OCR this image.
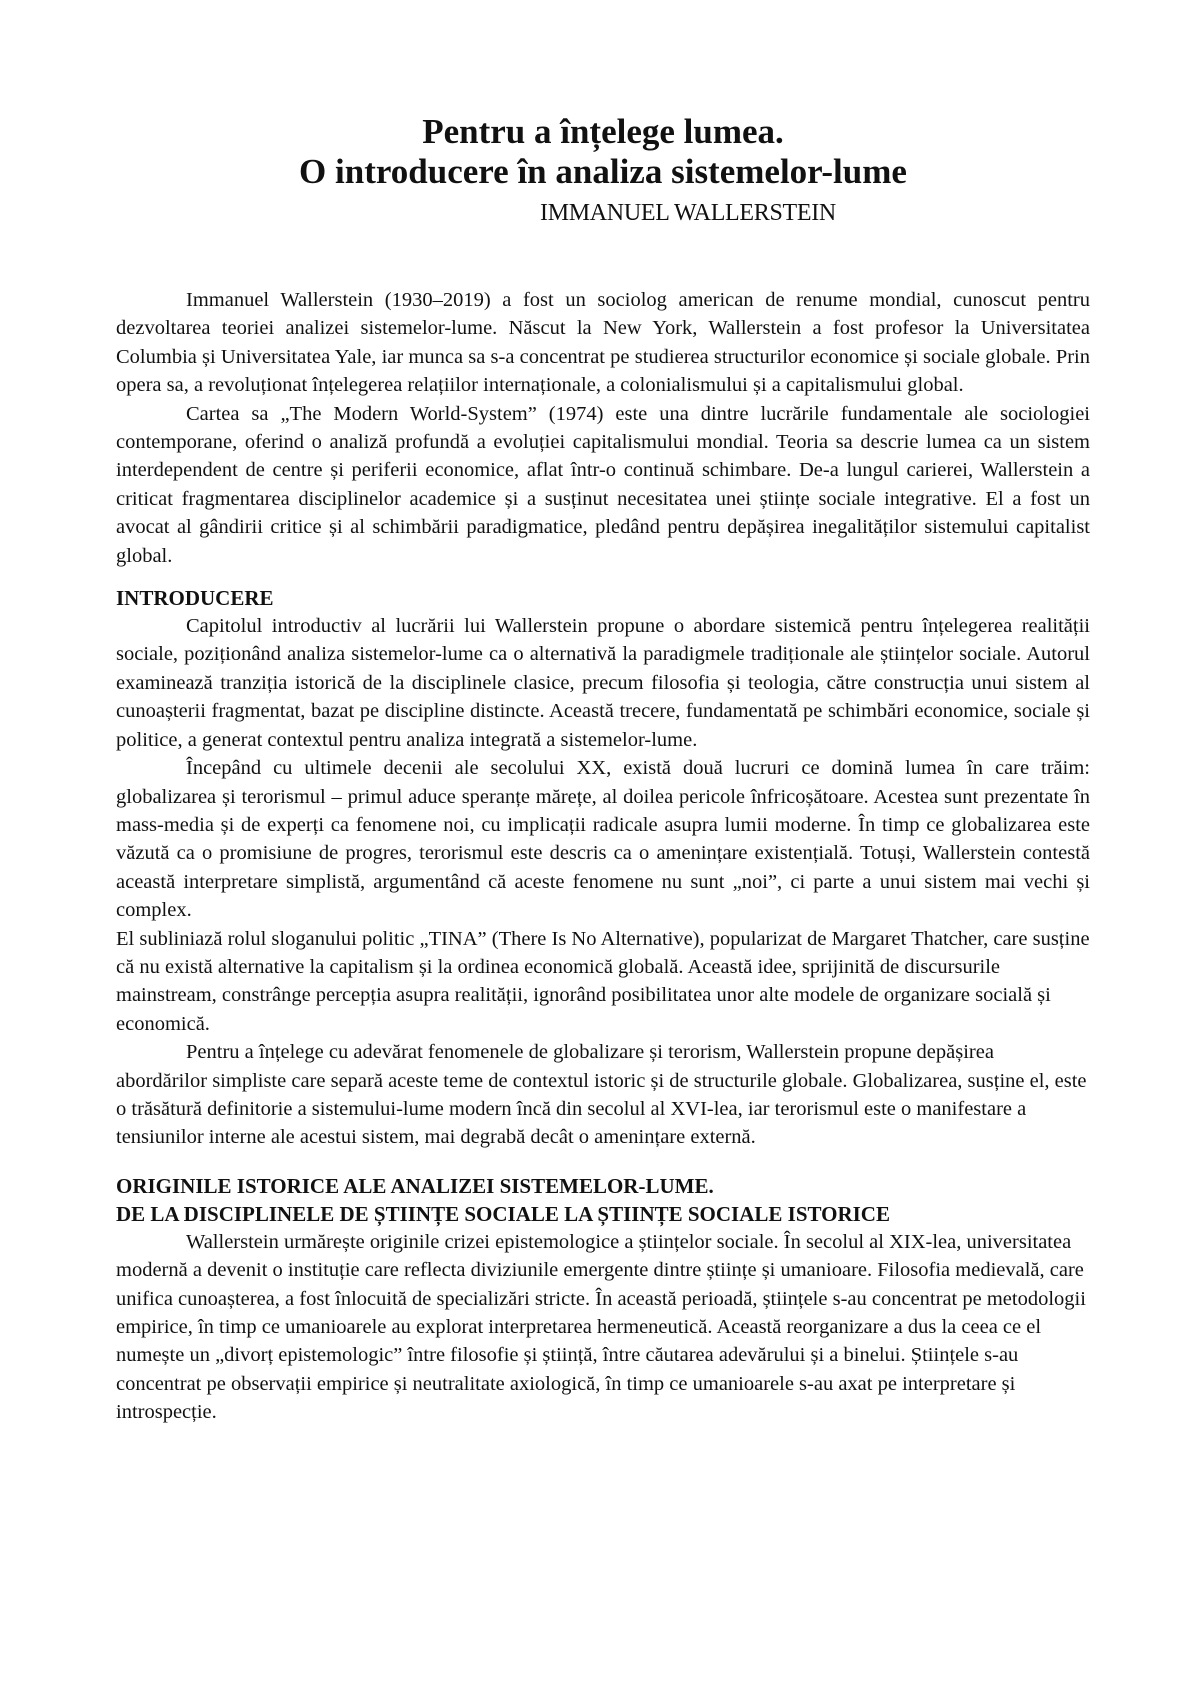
Pentru a înțelege lumea.
O introducere în analiza sistemelor-lume
IMMANUEL WALLERSTEIN

Immanuel Wallerstein (1930–2019) a fost un sociolog american de renume mondial, cunoscut pentru dezvoltarea teoriei analizei sistemelor-lume. Născut la New York, Wallerstein a fost profesor la Universitatea Columbia și Universitatea Yale, iar munca sa s-a concentrat pe studierea structurilor economice și sociale globale. Prin opera sa, a revoluționat înțelegerea relațiilor internaționale, a colonialismului și a capitalismului global.

Cartea sa „The Modern World-System” (1974) este una dintre lucrările fundamentale ale sociologiei contemporane, oferind o analiză profundă a evoluției capitalismului mondial. Teoria sa descrie lumea ca un sistem interdependent de centre și periferii economice, aflat într-o continuă schimbare. De-a lungul carierei, Wallerstein a criticat fragmentarea disciplinelor academice și a susținut necesitatea unei științe sociale integrative. El a fost un avocat al gândirii critice și al schimbării paradigmatice, pledând pentru depășirea inegalităților sistemului capitalist global.

INTRODUCERE

Capitolul introductiv al lucrării lui Wallerstein propune o abordare sistemică pentru înțelegerea realității sociale, poziționând analiza sistemelor-lume ca o alternativă la paradigmele tradiționale ale științelor sociale. Autorul examinează tranziția istorică de la disciplinele clasice, precum filosofia și teologia, către construcția unui sistem al cunoașterii fragmentat, bazat pe discipline distincte. Această trecere, fundamentată pe schimbări economice, sociale și politice, a generat contextul pentru analiza integrată a sistemelor-lume.

Începând cu ultimele decenii ale secolului XX, există două lucruri ce domină lumea în care trăim: globalizarea și terorismul – primul aduce speranțe mărețe, al doilea pericole înfricoșătoare. Acestea sunt prezentate în mass-media și de experți ca fenomene noi, cu implicații radicale asupra lumii moderne. În timp ce globalizarea este văzută ca o promisiune de progres, terorismul este descris ca o amenințare existențială. Totuși, Wallerstein contestă această interpretare simplistă, argumentând că aceste fenomene nu sunt „noi”, ci parte a unui sistem mai vechi și complex.

El subliniază rolul sloganului politic „TINA” (There Is No Alternative), popularizat de Margaret Thatcher, care susține că nu există alternative la capitalism și la ordinea economică globală. Această idee, sprijinită de discursurile mainstream, constrânge percepția asupra realității, ignorând posibilitatea unor alte modele de organizare socială și economică.

Pentru a înțelege cu adevărat fenomenele de globalizare și terorism, Wallerstein propune depășirea abordărilor simpliste care separă aceste teme de contextul istoric și de structurile globale. Globalizarea, susține el, este o trăsătură definitorie a sistemului-lume modern încă din secolul al XVI-lea, iar terorismul este o manifestare a tensiunilor interne ale acestui sistem, mai degrabă decât o amenințare externă.

ORIGINILE ISTORICE ALE ANALIZEI SISTEMELOR-LUME.
DE LA DISCIPLINELE DE ȘTIINȚE SOCIALE LA ȘTIINȚE SOCIALE ISTORICE

Wallerstein urmărește originile crizei epistemologice a științelor sociale. În secolul al XIX-lea, universitatea modernă a devenit o instituție care reflecta diviziunile emergente dintre științe și umanioare. Filosofia medievală, care unifica cunoașterea, a fost înlocuită de specializări stricte. În această perioadă, științele s-au concentrat pe metodologii empirice, în timp ce umanioarele au explorat interpretarea hermeneutică. Această reorganizare a dus la ceea ce el numește un „divorț epistemologic” între filosofie și știință, între căutarea adevărului și a binelui. Științele s-au concentrat pe observații empirice și neutralitate axiologică, în timp ce umanioarele s-au axat pe interpretare și introspecție.
